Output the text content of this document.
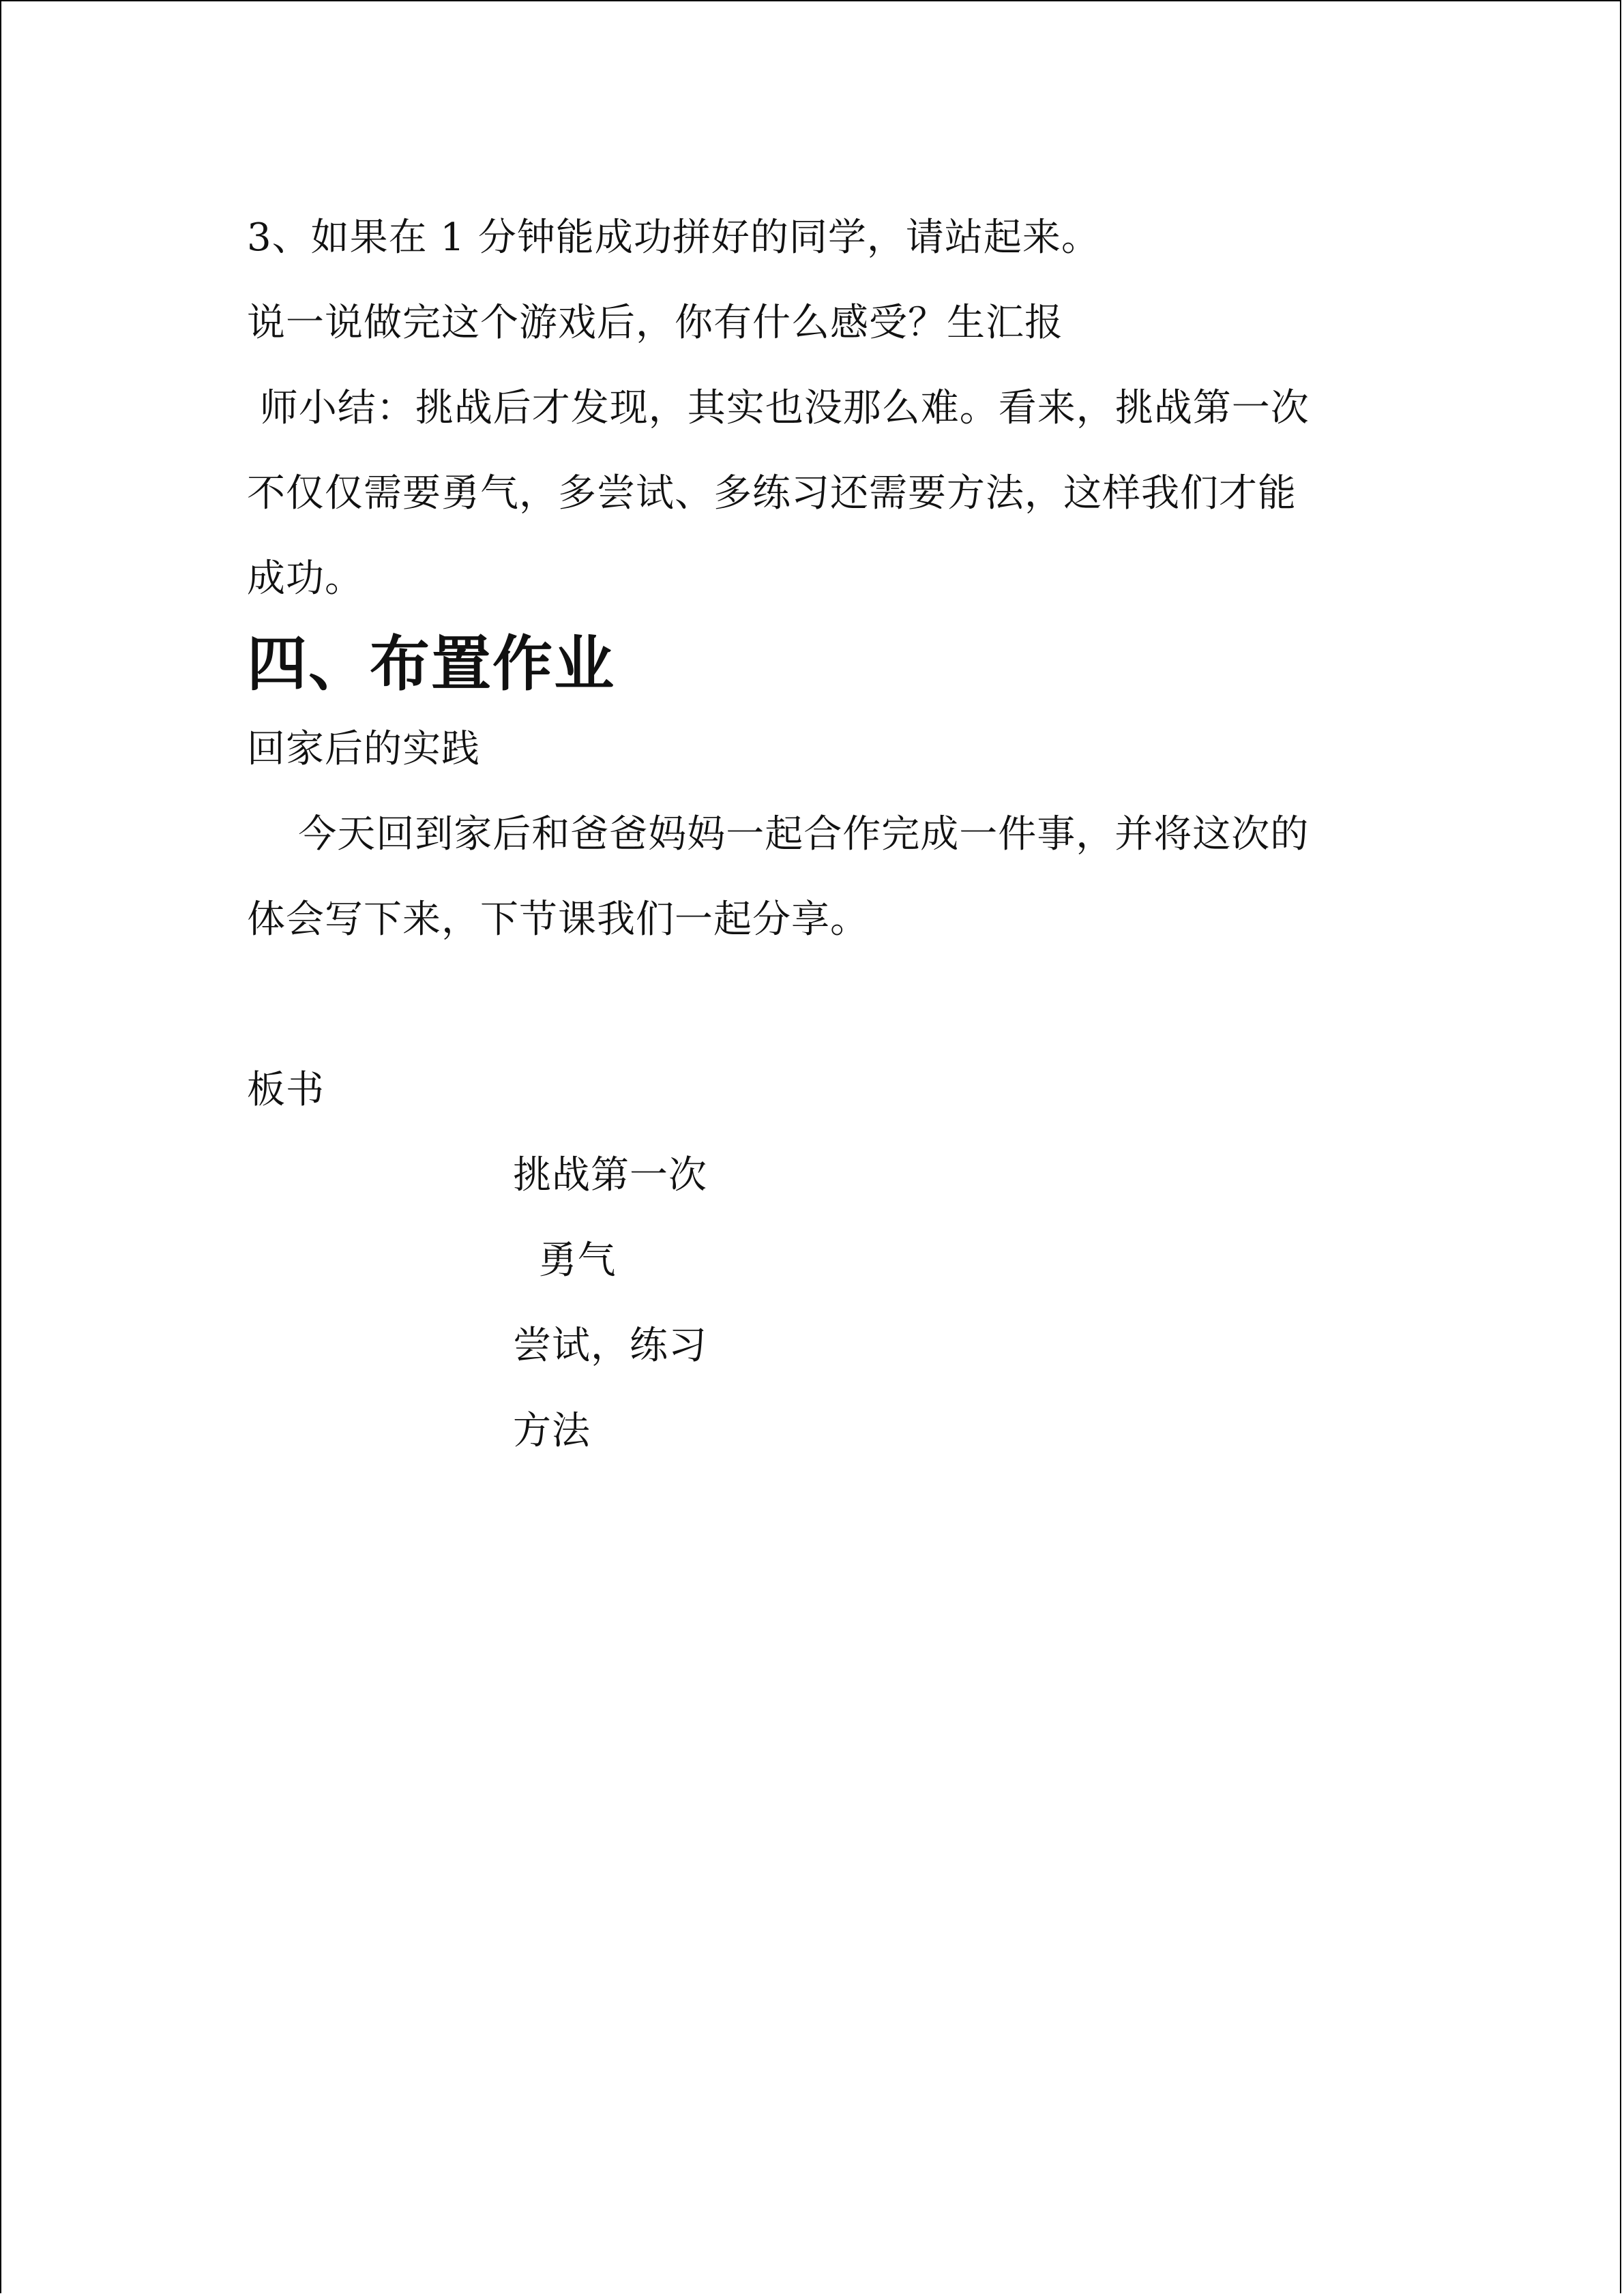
3、如果在 1 分钟能成功拼好的同学，请站起来。
说一说做完这个游戏后，你有什么感受？生汇报
师小结：挑战后才发现，其实也没那么难。看来，挑战第一次
不仅仅需要勇气，多尝试、多练习还需要方法，这样我们才能
成功。
四、布置作业
回家后的实践
今天回到家后和爸爸妈妈一起合作完成一件事，并将这次的
体会写下来，下节课我们一起分享。
板书
挑战第一次
勇气
尝试，练习
方法
